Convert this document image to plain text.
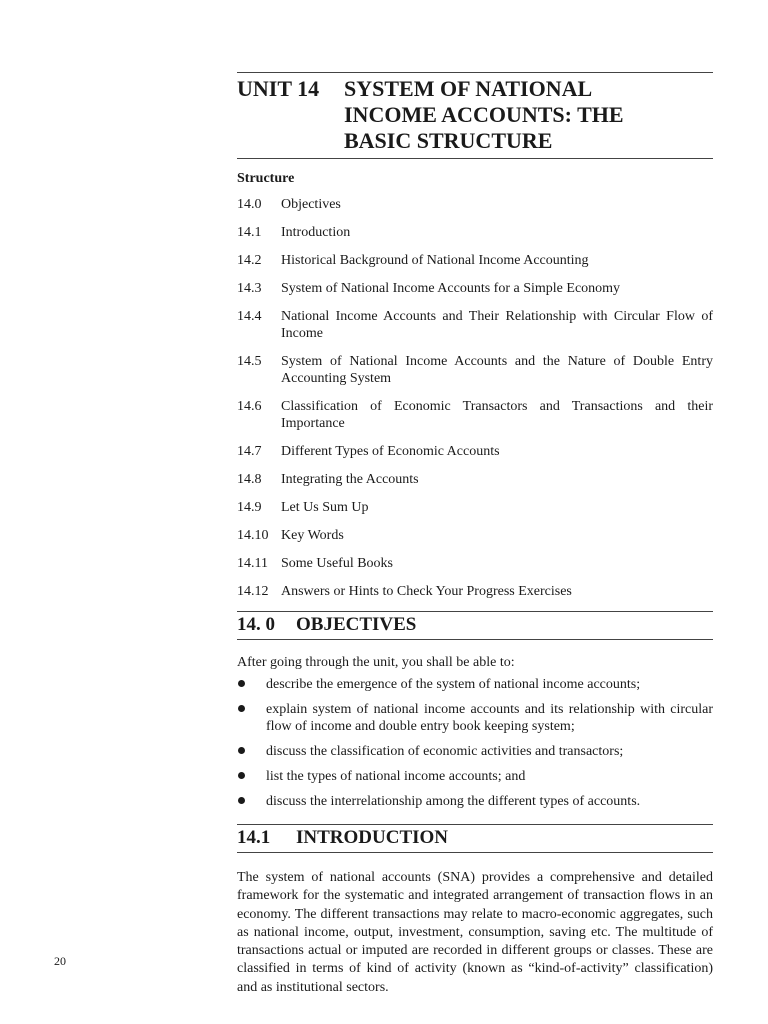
20
UNIT 14	SYSTEM OF NATIONAL
INCOME ACCOUNTS: THE
BASIC STRUCTURE
Structure
14.0	Objectives
14.1	Introduction
14.2	Historical Background of National Income Accounting
14.3	System of National Income Accounts for a Simple Economy
14.4	National Income Accounts and Their Relationship with Circular Flow of Income
14.5	System of National Income Accounts and the Nature of Double Entry Accounting System
14.6	Classification of Economic Transactors and Transactions and their Importance
14.7	Different Types of Economic Accounts
14.8	Integrating the Accounts
14.9	Let Us Sum Up
14.10 Key Words
14.11 Some Useful Books
14.12 Answers or Hints to Check Your Progress Exercises
14. 0	OBJECTIVES
After going through the unit, you shall be able to:
describe the emergence of the system of national income accounts;
explain system of national income accounts and its relationship with circular flow of income and double entry book keeping system;
discuss the classification of economic activities and transactors;
list the types of national income accounts; and
discuss the interrelationship among the different types of accounts.
14.1	INTRODUCTION
The system of national accounts (SNA) provides a comprehensive and detailed framework for the systematic and integrated arrangement of transaction flows in an economy. The different transactions may relate to macro-economic aggregates, such as national income, output, investment, consumption, saving etc. The multitude of transactions actual or imputed are recorded in different groups or classes. These are classified in terms of kind of activity (known as “kind-of-activity” classification) and as institutional sectors.
